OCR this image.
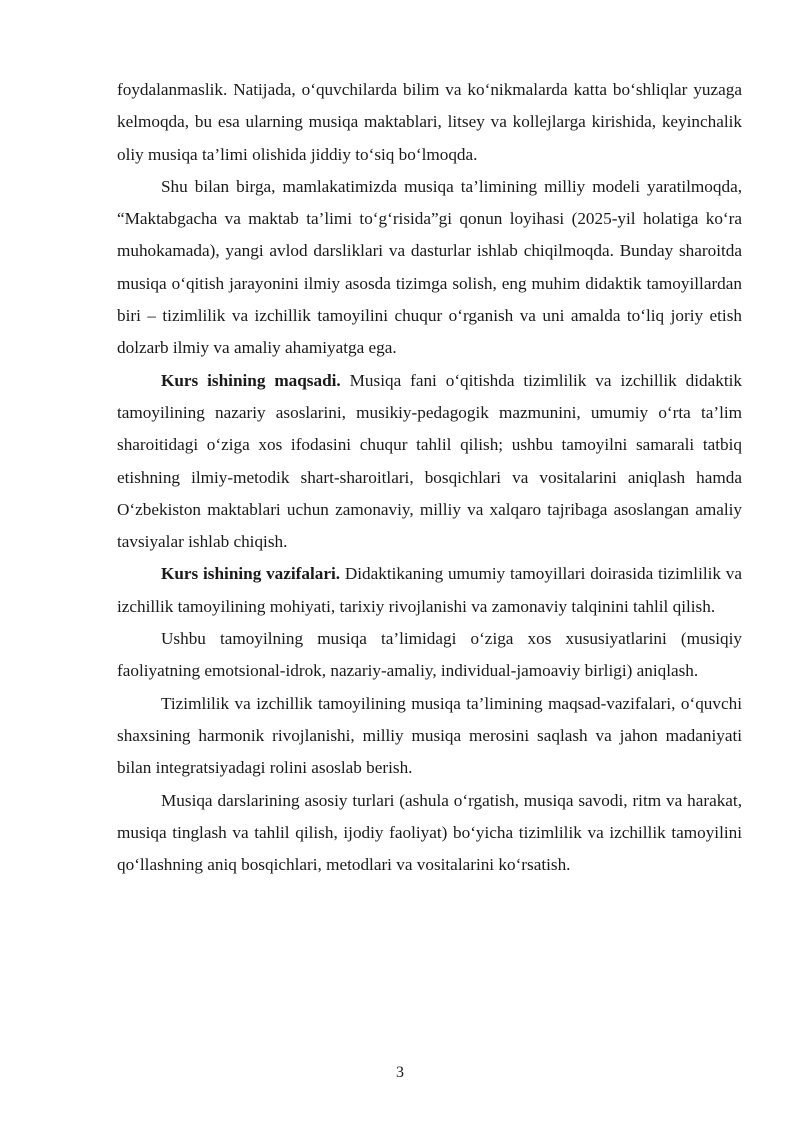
foydalanmaslik. Natijada, o‘quvchilarda bilim va ko‘nikmalarda katta bo‘shliqlar yuzaga kelmoqda, bu esa ularning musiqa maktablari, litsey va kollejlarga kirishida, keyinchalik oliy musiqa ta’limi olishida jiddiy to‘siq bo‘lmoqda.

Shu bilan birga, mamlakatimizda musiqa ta’limining milliy modeli yaratilmoqda, “Maktabgacha va maktab ta’limi to‘g‘risida”gi qonun loyihasi (2025-yil holatiga ko‘ra muhokamada), yangi avlod darsliklari va dasturlar ishlab chiqilmoqda. Bunday sharoitda musiqa o‘qitish jarayonini ilmiy asosda tizimga solish, eng muhim didaktik tamoyillardan biri – tizimlilik va izchillik tamoyilini chuqur o‘rganish va uni amalda to‘liq joriy etish dolzarb ilmiy va amaliy ahamiyatga ega.

Kurs ishining maqsadi. Musiqa fani o‘qitishda tizimlilik va izchillik didaktik tamoyilining nazariy asoslarini, musikiy-pedagogik mazmunini, umumiy o‘rta ta’lim sharoitidagi o‘ziga xos ifodasini chuqur tahlil qilish; ushbu tamoyilni samarali tatbiq etishning ilmiy-metodik shart-sharoitlari, bosqichlari va vositalarini aniqlash hamda O‘zbekiston maktablari uchun zamonaviy, milliy va xalqaro tajribaga asoslangan amaliy tavsiyalar ishlab chiqish.

Kurs ishining vazifalari. Didaktikaning umumiy tamoyillari doirasida tizimlilik va izchillik tamoyilining mohiyati, tarixiy rivojlanishi va zamonaviy talqinini tahlil qilish.

Ushbu tamoyilning musiqa ta’limidagi o‘ziga xos xususiyatlarini (musiqiy faoliyatning emotsional-idrok, nazariy-amaliy, individual-jamoaviy birligi) aniqlash.

Tizimlilik va izchillik tamoyilining musiqa ta’limining maqsad-vazifalari, o‘quvchi shaxsining harmonik rivojlanishi, milliy musiqa merosini saqlash va jahon madaniyati bilan integratsiyadagi rolini asoslab berish.

Musiqa darslarining asosiy turlari (ashula o‘rgatish, musiqa savodi, ritm va harakat, musiqa tinglash va tahlil qilish, ijodiy faoliyat) bo‘yicha tizimlilik va izchillik tamoyilini qo‘llashning aniq bosqichlari, metodlari va vositalarini ko‘rsatish.

3
